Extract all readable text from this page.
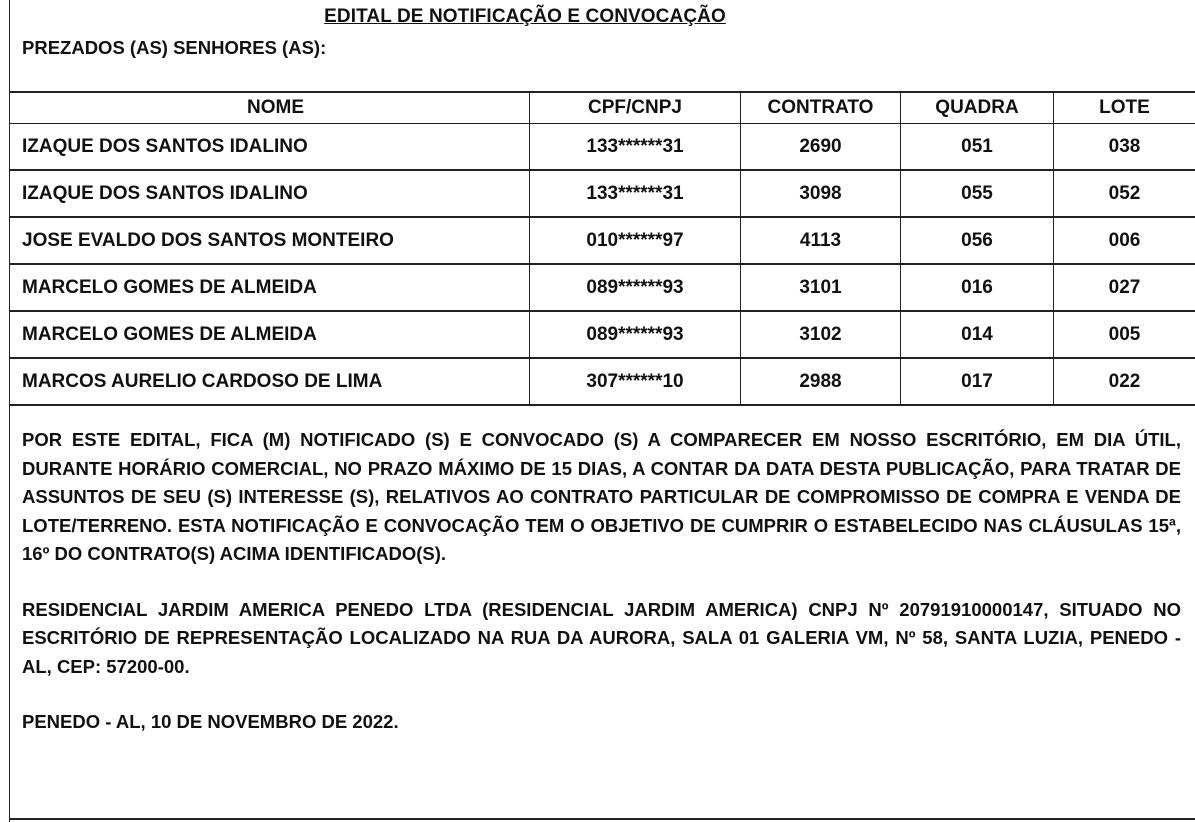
EDITAL DE NOTIFICAÇÃO E CONVOCAÇÃO
PREZADOS (AS) SENHORES (AS):
NOME	CPF/CNPJ	CONTRATO	QUADRA	LOTE
IZAQUE DOS SANTOS IDALINO	133******31	2690	051	038
IZAQUE DOS SANTOS IDALINO	133******31	3098	055	052
JOSE EVALDO DOS SANTOS MONTEIRO	010******97	4113	056	006
MARCELO GOMES DE ALMEIDA	089******93	3101	016	027
MARCELO GOMES DE ALMEIDA	089******93	3102	014	005
MARCOS AURELIO CARDOSO DE LIMA	307******10	2988	017	022

POR ESTE EDITAL, FICA (M) NOTIFICADO (S) E CONVOCADO (S) A COMPARECER EM NOSSO ESCRITÓRIO, EM DIA ÚTIL, DURANTE HORÁRIO COMERCIAL, NO PRAZO MÁXIMO DE 15 DIAS, A CONTAR DA DATA DESTA PUBLICAÇÃO, PARA TRATAR DE ASSUNTOS DE SEU (S) INTERESSE (S), RELATIVOS AO CONTRATO PARTICULAR DE COMPROMISSO DE COMPRA E VENDA DE LOTE/TERRENO. ESTA NOTIFICAÇÃO E CONVOCAÇÃO TEM O OBJETIVO DE CUMPRIR O ESTABELECIDO NAS CLÁUSULAS 15ª, 16º DO CONTRATO(S) ACIMA IDENTIFICADO(S).

RESIDENCIAL JARDIM AMERICA PENEDO LTDA (RESIDENCIAL JARDIM AMERICA) CNPJ Nº 20791910000147, SITUADO NO ESCRITÓRIO DE REPRESENTAÇÃO LOCALIZADO NA RUA DA AURORA, SALA 01 GALERIA VM, Nº 58, SANTA LUZIA, PENEDO - AL, CEP: 57200-00.

PENEDO - AL, 10 DE NOVEMBRO DE 2022.
